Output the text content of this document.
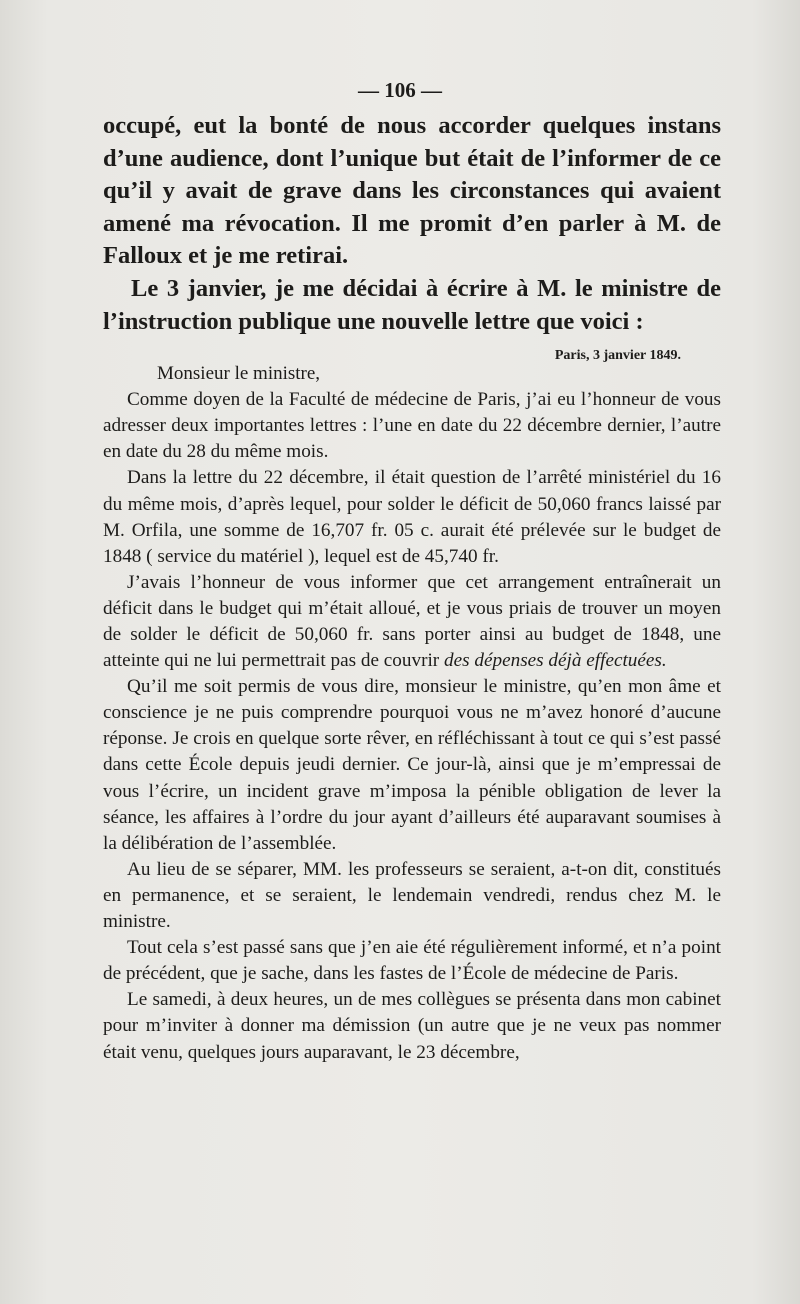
— 106 —

occupé, eut la bonté de nous accorder quelques instans d’une audience, dont l’unique but était de l’informer de ce qu’il y avait de grave dans les circonstances qui avaient amené ma révocation. Il me promit d’en parler à M. de Falloux et je me retirai.

Le 3 janvier, je me décidai à écrire à M. le ministre de l’instruction publique une nouvelle lettre que voici :

Paris, 3 janvier 1849.
Monsieur le ministre,

Comme doyen de la Faculté de médecine de Paris, j’ai eu l’honneur de vous adresser deux importantes lettres : l’une en date du 22 décembre dernier, l’autre en date du 28 du même mois.

Dans la lettre du 22 décembre, il était question de l’arrêté ministériel du 16 du même mois, d’après lequel, pour solder le déficit de 50,060 francs laissé par M. Orfila, une somme de 16,707 fr. 05 c. aurait été prélevée sur le budget de 1848 ( service du matériel ), lequel est de 45,740 fr.

J’avais l’honneur de vous informer que cet arrangement entraînerait un déficit dans le budget qui m’était alloué, et je vous priais de trouver un moyen de solder le déficit de 50,060 fr. sans porter ainsi au budget de 1848, une atteinte qui ne lui permettrait pas de couvrir des dépenses déjà effectuées.

Qu’il me soit permis de vous dire, monsieur le ministre, qu’en mon âme et conscience je ne puis comprendre pourquoi vous ne m’avez honoré d’aucune réponse. Je crois en quelque sorte rêver, en réfléchissant à tout ce qui s’est passé dans cette École depuis jeudi dernier. Ce jour-là, ainsi que je m’empressai de vous l’écrire, un incident grave m’imposa la pénible obligation de lever la séance, les affaires à l’ordre du jour ayant d’ailleurs été auparavant soumises à la délibération de l’assemblée.

Au lieu de se séparer, MM. les professeurs se seraient, a-t-on dit, constitués en permanence, et se seraient, le lendemain vendredi, rendus chez M. le ministre.

Tout cela s’est passé sans que j’en aie été régulièrement informé, et n’a point de précédent, que je sache, dans les fastes de l’École de médecine de Paris.

Le samedi, à deux heures, un de mes collègues se présenta dans mon cabinet pour m’inviter à donner ma démission (un autre que je ne veux pas nommer était venu, quelques jours auparavant, le 23 décembre,
